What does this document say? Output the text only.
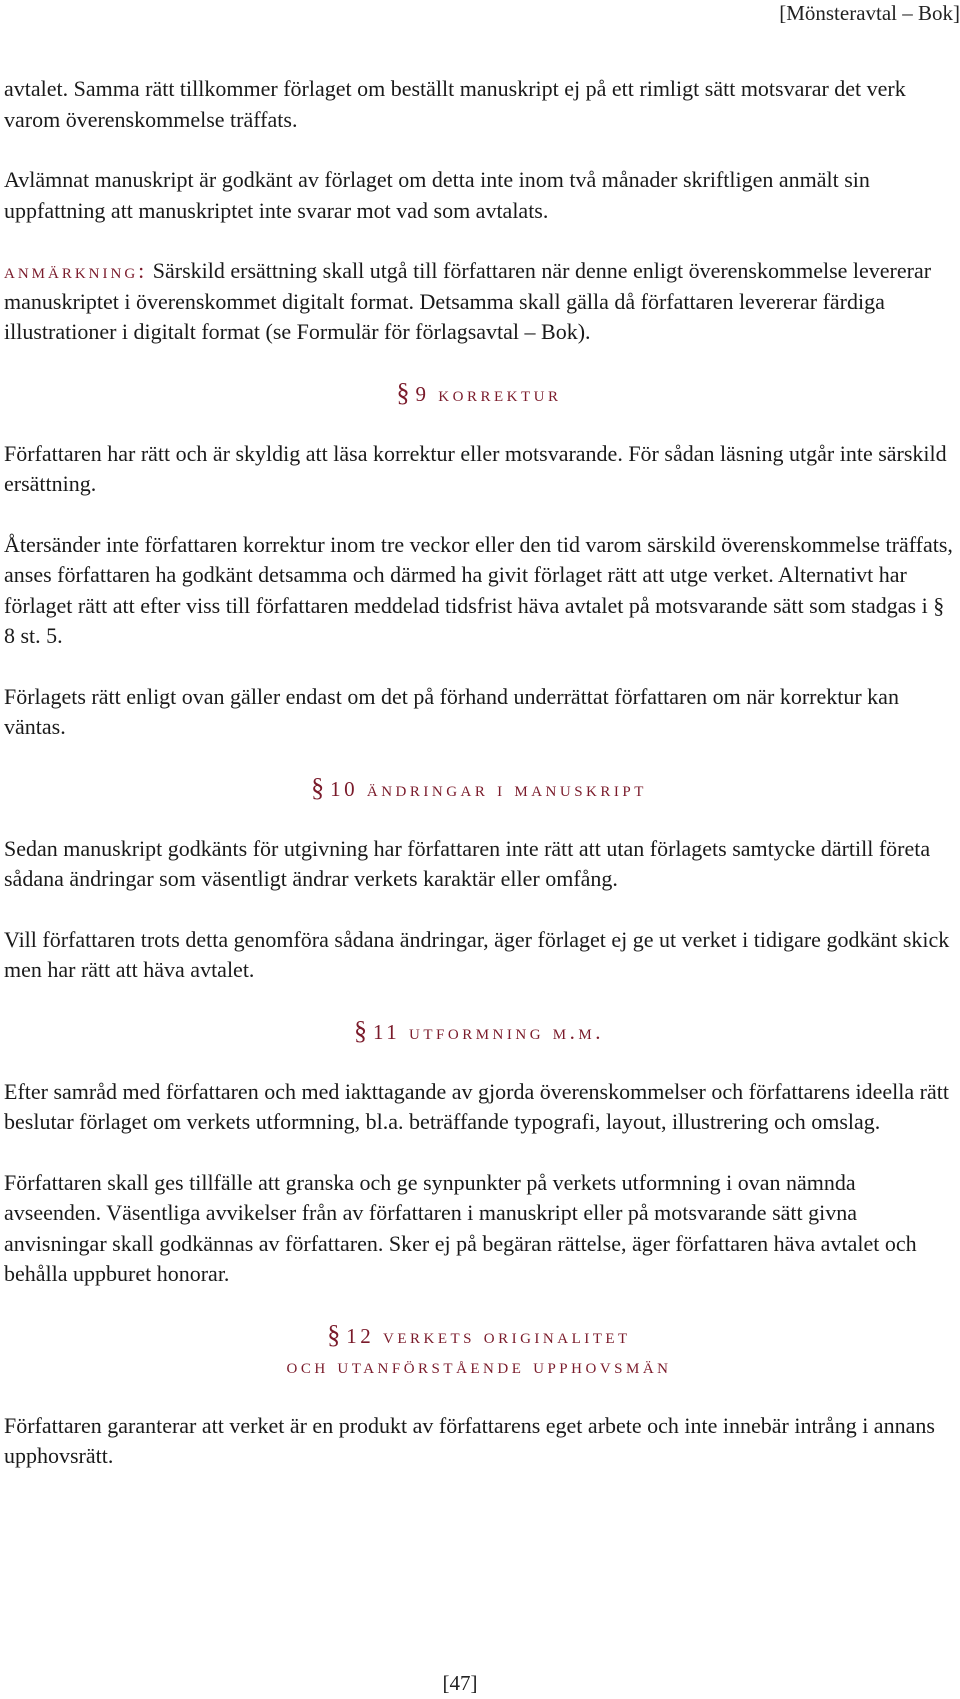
[Mönsteravtal – Bok]

avtalet. Samma rätt tillkommer förlaget om beställt manuskript ej på ett rimligt sätt motsvarar det verk varom överenskommelse träffats.

Avlämnat manuskript är godkänt av förlaget om detta inte inom två månader skriftligen anmält sin uppfattning att manuskriptet inte svarar mot vad som avtalats.

anmärkning: Särskild ersättning skall utgå till författaren när denne enligt överenskommelse levererar manuskriptet i överenskommet digitalt format. Detsamma skall gälla då författaren levererar färdiga illustrationer i digitalt format (se Formulär för förlagsavtal – Bok).

§ 9 korrektur

Författaren har rätt och är skyldig att läsa korrektur eller motsvarande. För sådan läsning utgår inte särskild ersättning.

Återsänder inte författaren korrektur inom tre veckor eller den tid varom särskild överenskommelse träffats, anses författaren ha godkänt detsamma och därmed ha givit förlaget rätt att utge verket. Alternativt har förlaget rätt att efter viss till författaren meddelad tidsfrist häva avtalet på motsvarande sätt som stadgas i § 8 st. 5.

Förlagets rätt enligt ovan gäller endast om det på förhand underrättat författaren om när korrektur kan väntas.

§ 10 ändringar i manuskript

Sedan manuskript godkänts för utgivning har författaren inte rätt att utan förlagets samtycke därtill företa sådana ändringar som väsentligt ändrar verkets karaktär eller omfång.

Vill författaren trots detta genomföra sådana ändringar, äger förlaget ej ge ut verket i tidigare godkänt skick men har rätt att häva avtalet.

§ 11 utformning m.m.

Efter samråd med författaren och med iakttagande av gjorda överenskommelser och författarens ideella rätt beslutar förlaget om verkets utformning, bl.a. beträffande typografi, layout, illustrering och omslag.

Författaren skall ges tillfälle att granska och ge synpunkter på verkets utformning i ovan nämnda avseenden. Väsentliga avvikelser från av författaren i manuskript eller på motsvarande sätt givna anvisningar skall godkännas av författaren. Sker ej på begäran rättelse, äger författaren häva avtalet och behålla uppburet honorar.

§ 12 verkets originalitet
och utanförstående upphovsmän

Författaren garanterar att verket är en produkt av författarens eget arbete och inte innebär intrång i annans upphovsrätt.

[47]
